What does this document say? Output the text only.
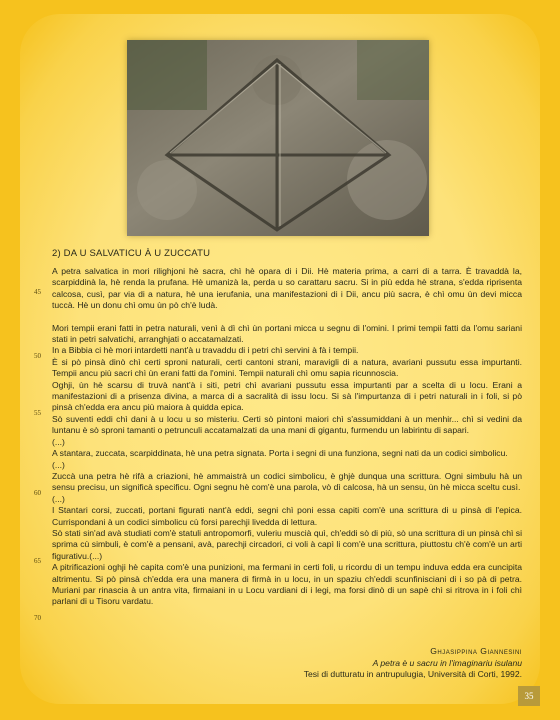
2) DA U SALVATICU À U ZUCCATU
45
50
55
60
65
70

A petra salvatica in mori rilighjoni hè sacra, chì hè opara di i Dii. Hè materia prima, a carri di a tarra. È travaddà la, scarpiddinà la, hè renda la prufana. Hè umanizà la, perda u so carattaru sacru. Si in più edda hè strana, s'edda riprisenta calcosa, cusì, par via di a natura, hè una ierufania, una manifestazioni di i Dii, ancu più sacra, è chì omu ùn devi micca tuccà. Hè un donu chì omu ùn pò ch'è ludà.

Mori tempii erani fatti in petra naturali, venì à dì chì ùn portani micca u segnu di l'omini. I primi tempii fatti da l'omu sariani stati in petri salvatichi, arranghjati o accatamalzati.
In a Bibbia ci hè mori intardetti nant'à u travaddu di i petri chì servini à fà i tempii.
È si pò pinsà dinò chì certi sproni naturali, certi cantoni strani, maravigli di a natura, avariani pussutu essa impurtanti. Tempii ancu più sacri chì ùn erani fatti da l'omini. Tempii naturali chì omu sapia ricunnoscia.
Oghji, ùn hè scarsu di truvà nant'à i siti, petri chì avariani pussutu essa impurtanti par a scelta di u locu. Erani a manifestazioni di a prisenza divina, a marca di a sacralità di issu locu. Si sà l'impurtanza di i petri naturali in i foli, si pò pinsà ch'edda era ancu più maiora à quidda epica.
Sò suventi eddi chì dani à u locu u so misteriu. Certi sò pintoni maiori chì s'assumiddani à un menhir... chì si vedini da luntanu è sò sproni tamanti o petrunculi accatamalzati da una mani di gigantu, furmendu un labirintu di sapari.
(...)
A stantara, zuccata, scarpiddinata, hè una petra signata. Porta i segni di una funziona, segni nati da un codici simbolicu.
(...)
Zuccà una petra hè rifà a criazioni, hè ammaistrà un codici simbolicu, è ghjè dunqua una scrittura. Ogni simbulu hà un sensu precisu, un significà specificu. Ogni segnu hè com'è una parola, vò dì calcosa, hà un sensu, ùn hè micca sceltu cusì.
(...)
I Stantari corsi, zuccati, portani figurati nant'à eddi, segni chì poni essa capiti com'è una scrittura di u pinsà di l'epica. Currispondani à un codici simbolicu cù forsi parechji livedda di lettura.
Sò stati sin'ad avà studiati com'è statuli antropomorfi, vuleriu muscià quì, ch'eddi sò di più, sò una scrittura di un pinsà chì si sprima cù simbuli, è com'è a pensani, avà, parechji circadori, ci voli à capì li com'è una scrittura, piuttostu ch'è com'è un arti figurativu.(...)
A pitrificazioni oghji hè capita com'è una punizioni, ma fermani in certi foli, u ricordu di un tempu induva edda era cuncipita altrimentu. Si pò pinsà ch'edda era una manera di firmà in u locu, in un spaziu ch'eddi scunfinisciani di i so pà di petra. Muriani par rinascia à un antra vita, firmaiani in u Locu vardiani di i legi, ma forsi dinò di un sapè chì si ritrova in i foli chì parlani di u Tisoru vardatu.

Ghjasippina Giannesini
A petra è u sacru in l'imaginariu isulanu
Tesi di dutturatu in antrupulugia, Università di Corti, 1992.
35
